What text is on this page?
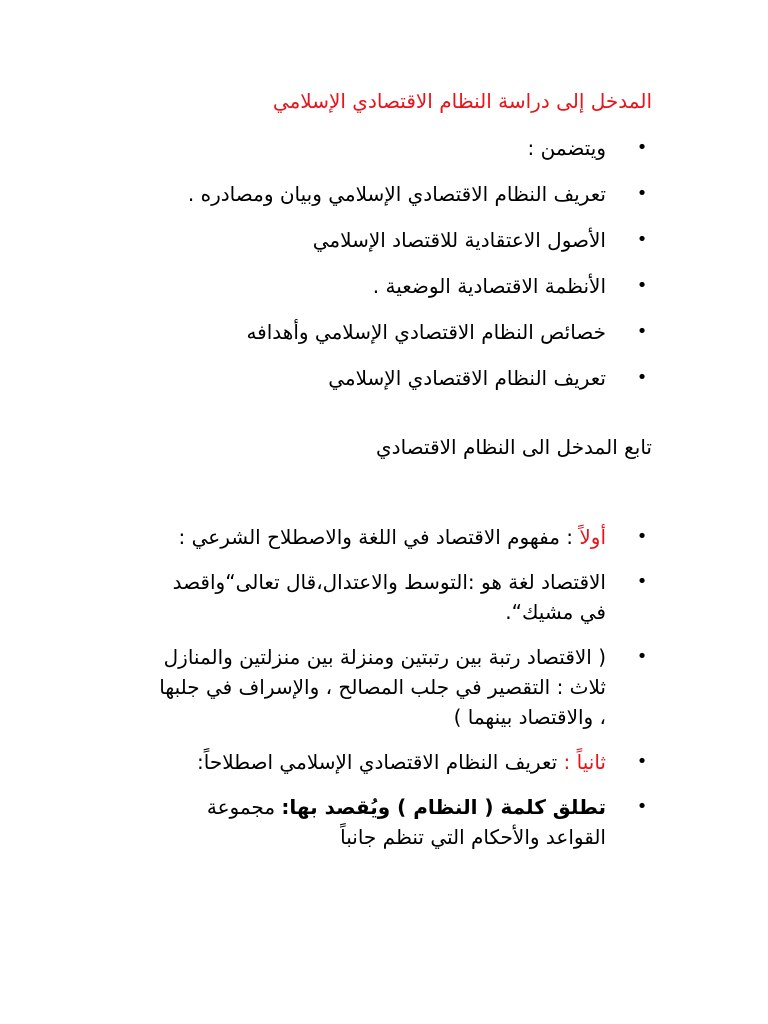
المدخل إلى دراسة النظام الاقتصادي الإسلامي
•
ويتضمن :
•
تعريف النظام الاقتصادي الإسلامي وبيان ومصادره .
•
الأصول الاعتقادية للاقتصاد الإسلامي
•
الأنظمة الاقتصادية الوضعية .
•
خصائص النظام الاقتصادي الإسلامي وأهدافه
•
تعريف النظام الاقتصادي الإسلامي
تابع المدخل الى النظام الاقتصادي
•
أولاً : مفهوم الاقتصاد في اللغة والاصطلاح الشرعي :
•
الاقتصاد لغة هو :التوسط والاعتدال،قال تعالى“واقصد في مشيك“.
•
( الاقتصاد رتبة بين رتبتين ومنزلة بين منزلتين والمنازل ثلاث : التقصير في جلب المصالح ، والإسراف في جلبها ، والاقتصاد بينهما )
•
ثانياً : تعريف النظام الاقتصادي الإسلامي اصطلاحاً:
•
تطلق كلمة ( النظام ) ويُقصد بها: مجموعة القواعد والأحكام التي تنظم جانباً
